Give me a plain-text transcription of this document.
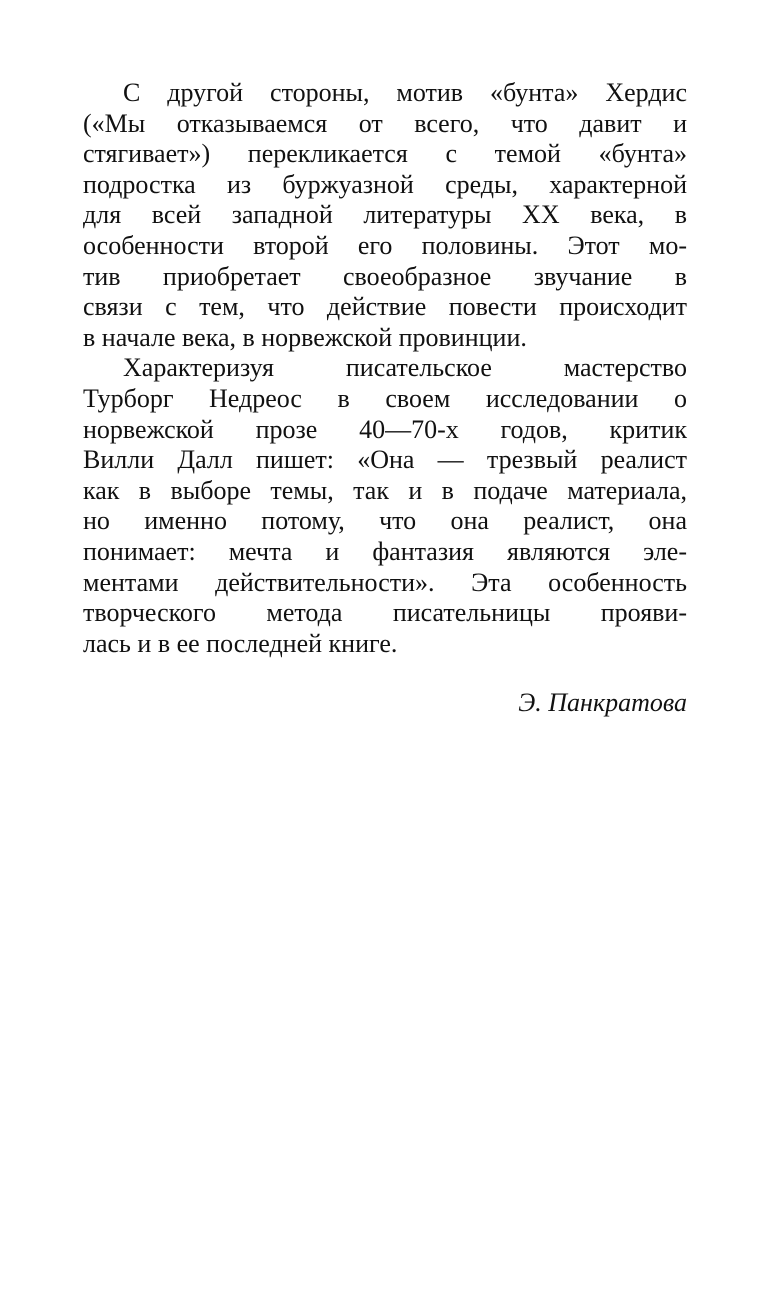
С другой стороны, мотив «бунта» Хердис
(«Мы отказываемся от всего, что давит и
стягивает») перекликается с темой «бунта»
подростка из буржуазной среды, характерной
для всей западной литературы XX века, в
особенности второй его половины. Этот мо-
тив приобретает своеобразное звучание в
связи с тем, что действие повести происходит
в начале века, в норвежской провинции.
Характеризуя писательское мастерство
Турборг Недреос в своем исследовании о
норвежской прозе 40—70-х годов, критик
Вилли Далл пишет: «Она — трезвый реалист
как в выборе темы, так и в подаче материала,
но именно потому, что она реалист, она
понимает: мечта и фантазия являются эле-
ментами действительности». Эта особенность
творческого метода писательницы прояви-
лась и в ее последней книге.
Э. Панкратова
